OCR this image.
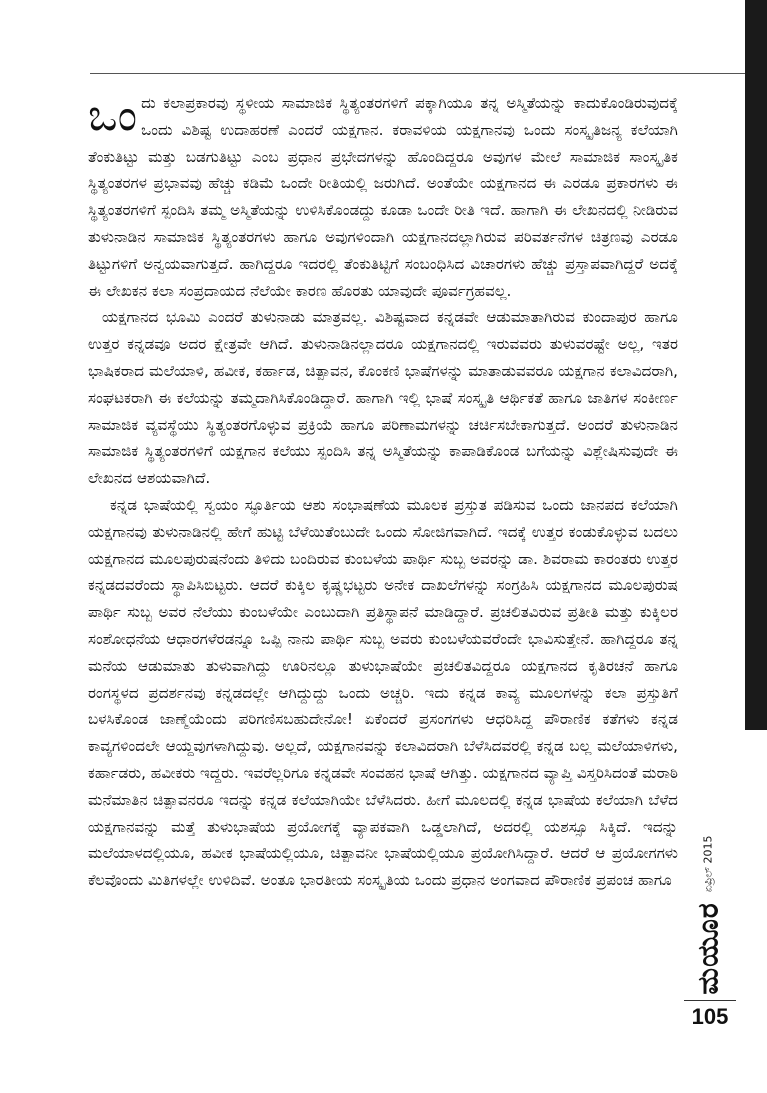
ಒಂದು ಕಲಾಪ್ರಕಾರವು ಸ್ಥಳೀಯ ಸಾಮಾಜಿಕ ಸ್ಥಿತ್ಯಂತರಗಳಿಗೆ ಪಕ್ಕಾಗಿಯೂ ತನ್ನ ಅಸ್ಮಿತೆಯನ್ನು ಕಾದುಕೊಂಡಿರುವುದಕ್ಕೆ ಒಂದು ವಿಶಿಷ್ಟ ಉದಾಹರಣೆ ಎಂದರೆ ಯಕ್ಷಗಾನ. ಕರಾವಳಿಯ ಯಕ್ಷಗಾನವು ಒಂದು ಸಂಸ್ಕೃತಿಜನ್ಯ ಕಲೆಯಾಗಿ ತೆಂಕುತಿಟ್ಟು ಮತ್ತು ಬಡಗುತಿಟ್ಟು ಎಂಬ ಪ್ರಧಾನ ಪ್ರಭೇದಗಳನ್ನು ಹೊಂದಿದ್ದರೂ ಅವುಗಳ ಮೇಲೆ ಸಾಮಾಜಿಕ ಸಾಂಸ್ಕೃತಿಕ ಸ್ಥಿತ್ಯಂತರಗಳ ಪ್ರಭಾವವು ಹೆಚ್ಚು ಕಡಿಮೆ ಒಂದೇ ರೀತಿಯಲ್ಲಿ ಜರುಗಿದೆ. ಅಂತೆಯೇ ಯಕ್ಷಗಾನದ ಈ ಎರಡೂ ಪ್ರಕಾರಗಳು ಈ ಸ್ಥಿತ್ಯಂತರಗಳಿಗೆ ಸ್ಪಂದಿಸಿ ತಮ್ಮ ಅಸ್ಮಿತೆಯನ್ನು ಉಳಿಸಿಕೊಂಡದ್ದು ಕೂಡಾ ಒಂದೇ ರೀತಿ ಇದೆ. ಹಾಗಾಗಿ ಈ ಲೇಖನದಲ್ಲಿ ನೀಡಿರುವ ತುಳುನಾಡಿನ ಸಾಮಾಜಿಕ ಸ್ಥಿತ್ಯಂತರಗಳು ಹಾಗೂ ಅವುಗಳಿಂದಾಗಿ ಯಕ್ಷಗಾನದಲ್ಲಾಗಿರುವ ಪರಿವರ್ತನೆಗಳ ಚಿತ್ರಣವು ಎರಡೂ ತಿಟ್ಟುಗಳಿಗೆ ಅನ್ವಯವಾಗುತ್ತದೆ. ಹಾಗಿದ್ದರೂ ಇದರಲ್ಲಿ ತೆಂಕುತಿಟ್ಟಿಗೆ ಸಂಬಂಧಿಸಿದ ವಿಚಾರಗಳು ಹೆಚ್ಚು ಪ್ರಸ್ತಾಪವಾಗಿದ್ದರೆ ಅದಕ್ಕೆ ಈ ಲೇಖಕನ ಕಲಾ ಸಂಪ್ರದಾಯದ ನೆಲೆಯೇ ಕಾರಣ ಹೊರತು ಯಾವುದೇ ಪೂರ್ವಗ್ರಹವಲ್ಲ.

ಯಕ್ಷಗಾನದ ಭೂಮಿ ಎಂದರೆ ತುಳುನಾಡು ಮಾತ್ರವಲ್ಲ. ವಿಶಿಷ್ಟವಾದ ಕನ್ನಡವೇ ಆಡುಮಾತಾಗಿರುವ ಕುಂದಾಪುರ ಹಾಗೂ ಉತ್ತರ ಕನ್ನಡವೂ ಅದರ ಕ್ಷೇತ್ರವೇ ಆಗಿದೆ. ತುಳುನಾಡಿನಲ್ಲಾದರೂ ಯಕ್ಷಗಾನದಲ್ಲಿ ಇರುವವರು ತುಳುವರಷ್ಟೇ ಅಲ್ಲ, ಇತರ ಭಾಷಿಕರಾದ ಮಲೆಯಾಳಿ, ಹವೀಕ, ಕರ್ಹಾಡ, ಚಿತ್ಪಾವನ, ಕೊಂಕಣಿ ಭಾಷೆಗಳನ್ನು ಮಾತಾಡುವವರೂ ಯಕ್ಷಗಾನ ಕಲಾವಿದರಾಗಿ, ಸಂಘಟಕರಾಗಿ ಈ ಕಲೆಯನ್ನು ತಮ್ಮದಾಗಿಸಿಕೊಂಡಿದ್ದಾರೆ. ಹಾಗಾಗಿ ಇಲ್ಲಿ ಭಾಷೆ ಸಂಸ್ಕೃತಿ ಆರ್ಥಿಕತೆ ಹಾಗೂ ಜಾತಿಗಳ ಸಂಕೀರ್ಣ ಸಾಮಾಜಿಕ ವ್ಯವಸ್ಥೆಯು ಸ್ಥಿತ್ಯಂತರಗೊಳ್ಳುವ ಪ್ರಕ್ರಿಯೆ ಹಾಗೂ ಪರಿಣಾಮಗಳನ್ನು ಚರ್ಚಿಸಬೇಕಾಗುತ್ತದೆ. ಅಂದರೆ ತುಳುನಾಡಿನ ಸಾಮಾಜಿಕ ಸ್ಥಿತ್ಯಂತರಗಳಿಗೆ ಯಕ್ಷಗಾನ ಕಲೆಯು ಸ್ಪಂದಿಸಿ ತನ್ನ ಅಸ್ಮಿತೆಯನ್ನು ಕಾಪಾಡಿಕೊಂಡ ಬಗೆಯನ್ನು ವಿಶ್ಲೇಷಿಸುವುದೇ ಈ ಲೇಖನದ ಆಶಯವಾಗಿದೆ.

ಕನ್ನಡ ಭಾಷೆಯಲ್ಲಿ ಸ್ವಯಂ ಸ್ಫೂರ್ತಿಯ ಆಶು ಸಂಭಾಷಣೆಯ ಮೂಲಕ ಪ್ರಸ್ತುತ ಪಡಿಸುವ ಒಂದು ಜಾನಪದ ಕಲೆಯಾಗಿ ಯಕ್ಷಗಾನವು ತುಳುನಾಡಿನಲ್ಲಿ ಹೇಗೆ ಹುಟ್ಟಿ ಬೆಳೆಯಿತೆಂಬುದೇ ಒಂದು ಸೋಜಿಗವಾಗಿದೆ. ಇದಕ್ಕೆ ಉತ್ತರ ಕಂಡುಕೊಳ್ಳುವ ಬದಲು ಯಕ್ಷಗಾನದ ಮೂಲಪುರುಷನೆಂದು ತಿಳಿದು ಬಂದಿರುವ ಕುಂಬಳೆಯ ಪಾರ್ಥಿ ಸುಬ್ಬ ಅವರನ್ನು ಡಾ. ಶಿವರಾಮ ಕಾರಂತರು ಉತ್ತರ ಕನ್ನಡದವರೆಂದು ಸ್ಥಾಪಿಸಿಬಿಟ್ಟರು. ಆದರೆ ಕುಕ್ಕಿಲ ಕೃಷ್ಣಭಟ್ಟರು ಅನೇಕ ದಾಖಲೆಗಳನ್ನು ಸಂಗ್ರಹಿಸಿ ಯಕ್ಷಗಾನದ ಮೂಲಪುರುಷ ಪಾರ್ಥಿ ಸುಬ್ಬ ಅವರ ನೆಲೆಯು ಕುಂಬಳೆಯೇ ಎಂಬುದಾಗಿ ಪ್ರತಿಸ್ಥಾಪನೆ ಮಾಡಿದ್ದಾರೆ. ಪ್ರಚಲಿತವಿರುವ ಪ್ರತೀತಿ ಮತ್ತು ಕುಕ್ಕಿಲರ ಸಂಶೋಧನೆಯ ಆಧಾರಗಳೆರಡನ್ನೂ ಒಪ್ಪಿ ನಾನು ಪಾರ್ಥಿ ಸುಬ್ಬ ಅವರು ಕುಂಬಳೆಯವರೆಂದೇ ಭಾವಿಸುತ್ತೇನೆ. ಹಾಗಿದ್ದರೂ ತನ್ನ ಮನೆಯ ಆಡುಮಾತು ತುಳುವಾಗಿದ್ದು ಊರಿನಲ್ಲೂ ತುಳುಭಾಷೆಯೇ ಪ್ರಚಲಿತವಿದ್ದರೂ ಯಕ್ಷಗಾನದ ಕೃತಿರಚನೆ ಹಾಗೂ ರಂಗಸ್ಥಳದ ಪ್ರದರ್ಶನವು ಕನ್ನಡದಲ್ಲೇ ಆಗಿದ್ದುದ್ದು ಒಂದು ಅಚ್ಚರಿ. ಇದು ಕನ್ನಡ ಕಾವ್ಯ ಮೂಲಗಳನ್ನು ಕಲಾ ಪ್ರಸ್ತುತಿಗೆ ಬಳಸಿಕೊಂಡ ಜಾಣ್ಮೆಯೆಂದು ಪರಿಗಣಿಸಬಹುದೇನೋ! ಏಕೆಂದರೆ ಪ್ರಸಂಗಗಳು ಆಧರಿಸಿದ್ದ ಪೌರಾಣಿಕ ಕತೆಗಳು ಕನ್ನಡ ಕಾವ್ಯಗಳಿಂದಲೇ ಆಯ್ದವುಗಳಾಗಿದ್ದುವು. ಅಲ್ಲದೆ, ಯಕ್ಷಗಾನವನ್ನು ಕಲಾವಿದರಾಗಿ ಬೆಳೆಸಿದವರಲ್ಲಿ ಕನ್ನಡ ಬಲ್ಲ ಮಲೆಯಾಳಿಗಳು, ಕರ್ಹಾಡರು, ಹವೀಕರು ಇದ್ದರು. ಇವರೆಲ್ಲರಿಗೂ ಕನ್ನಡವೇ ಸಂವಹನ ಭಾಷೆ ಆಗಿತ್ತು. ಯಕ್ಷಗಾನದ ವ್ಯಾಪ್ತಿ ವಿಸ್ತರಿಸಿದಂತೆ ಮರಾಠಿ ಮನೆಮಾತಿನ ಚಿತ್ಪಾವನರೂ ಇದನ್ನು ಕನ್ನಡ ಕಲೆಯಾಗಿಯೇ ಬೆಳೆಸಿದರು. ಹೀಗೆ ಮೂಲದಲ್ಲಿ ಕನ್ನಡ ಭಾಷೆಯ ಕಲೆಯಾಗಿ ಬೆಳೆದ ಯಕ್ಷಗಾನವನ್ನು ಮತ್ತೆ ತುಳುಭಾಷೆಯ ಪ್ರಯೋಗಕ್ಕೆ ವ್ಯಾಪಕವಾಗಿ ಒಡ್ಡಲಾಗಿದೆ, ಅದರಲ್ಲಿ ಯಶಸ್ಸೂ ಸಿಕ್ಕಿದೆ. ಇದನ್ನು ಮಲೆಯಾಳದಲ್ಲಿಯೂ, ಹವೀಕ ಭಾಷೆಯಲ್ಲಿಯೂ, ಚಿತ್ಪಾವನೀ ಭಾಷೆಯಲ್ಲಿಯೂ ಪ್ರಯೋಗಿಸಿದ್ದಾರೆ. ಆದರೆ ಆ ಪ್ರಯೋಗಗಳು ಕೆಲವೊಂದು ಮಿತಿಗಳಲ್ಲೇ ಉಳಿದಿವೆ. ಅಂತೂ ಭಾರತೀಯ ಸಂಸ್ಕೃತಿಯ ಒಂದು ಪ್ರಧಾನ ಅಂಗವಾದ ಪೌರಾಣಿಕ ಪ್ರಪಂಚ ಹಾಗೂ

ಮಯೂರ
ಏಪ್ರಿಲ್ 2015
105
